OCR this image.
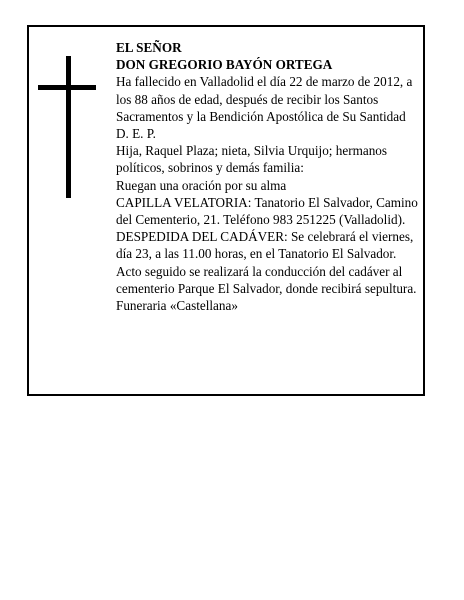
EL SEÑOR

DON GREGORIO BAYÓN ORTEGA

Ha fallecido en Valladolid el día 22 de marzo de 2012, a los 88 años de edad, después de recibir los Santos Sacramentos y la Bendición Apostólica de Su Santidad

D. E. P.

Hija, Raquel Plaza; nieta, Silvia Urquijo; hermanos políticos, sobrinos y demás familia:

Ruegan una oración por su alma

CAPILLA VELATORIA: Tanatorio El Salvador, Camino del Cementerio, 21. Teléfono 983 251225 (Valladolid).

DESPEDIDA DEL CADÁVER: Se celebrará el viernes, día 23, a las 11.00 horas, en el Tanatorio El Salvador. Acto seguido se realizará la conducción del cadáver al cementerio Parque El Salvador, donde recibirá sepultura.

Funeraria «Castellana»
